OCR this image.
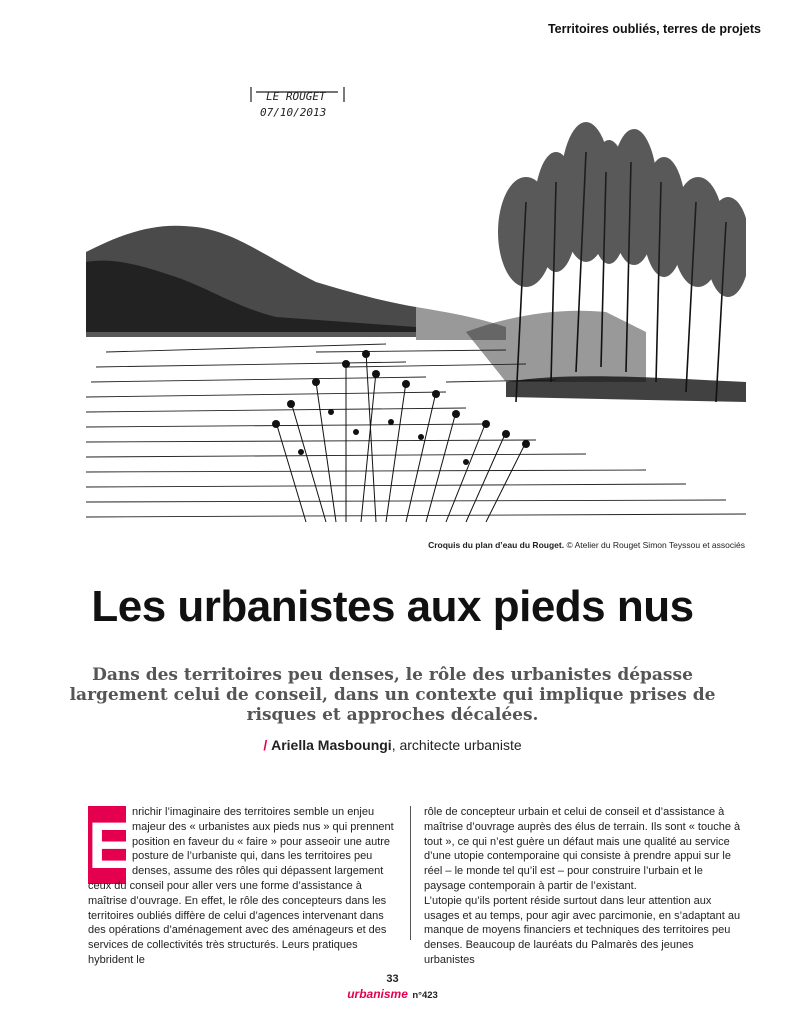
Territoires oubliés, terres de projets
LE ROUGET
07/10/2013
Croquis du plan d’eau du Rouget. © Atelier du Rouget Simon Teyssou et associés
Les urbanistes aux pieds nus
Dans des territoires peu denses, le rôle des urbanistes dépasse largement celui de conseil, dans un contexte qui implique prises de risques et approches décalées.
/ Ariella Masboungi, architecte urbaniste
E nrichir l’imaginaire des territoires semble un enjeu
majeur des « urbanistes aux pieds nus » qui prennent
position en faveur du « faire » pour asseoir une autre
posture de l’urbaniste qui, dans les territoires peu
denses, assume des rôles qui dépassent largement
ceux du conseil pour aller vers une forme d’assistance à
maîtrise d’ouvrage. En effet, le rôle des concepteurs dans les
territoires oubliés diffère de celui d’agences intervenant dans
des opérations d’aménagement avec des aménageurs et des
services de collectivités très structurés. Leurs pratiques
hybrident le

rôle de concepteur urbain et celui de conseil et d’assistance à maîtrise d’ouvrage auprès des élus de terrain. Ils sont « touche à tout », ce qui n’est guère un défaut mais une qualité au service d’une utopie contemporaine qui consiste à prendre appui sur le réel – le monde tel qu’il est – pour construire l’urbain et le paysage contemporain à partir de l’existant.

L’utopie qu’ils portent réside surtout dans leur attention aux usages et au temps, pour agir avec parcimonie, en s’adaptant au manque de moyens financiers et techniques des territoires peu denses. Beaucoup de lauréats du Palmarès des jeunes urbanistes

33
urbanisme n°423
